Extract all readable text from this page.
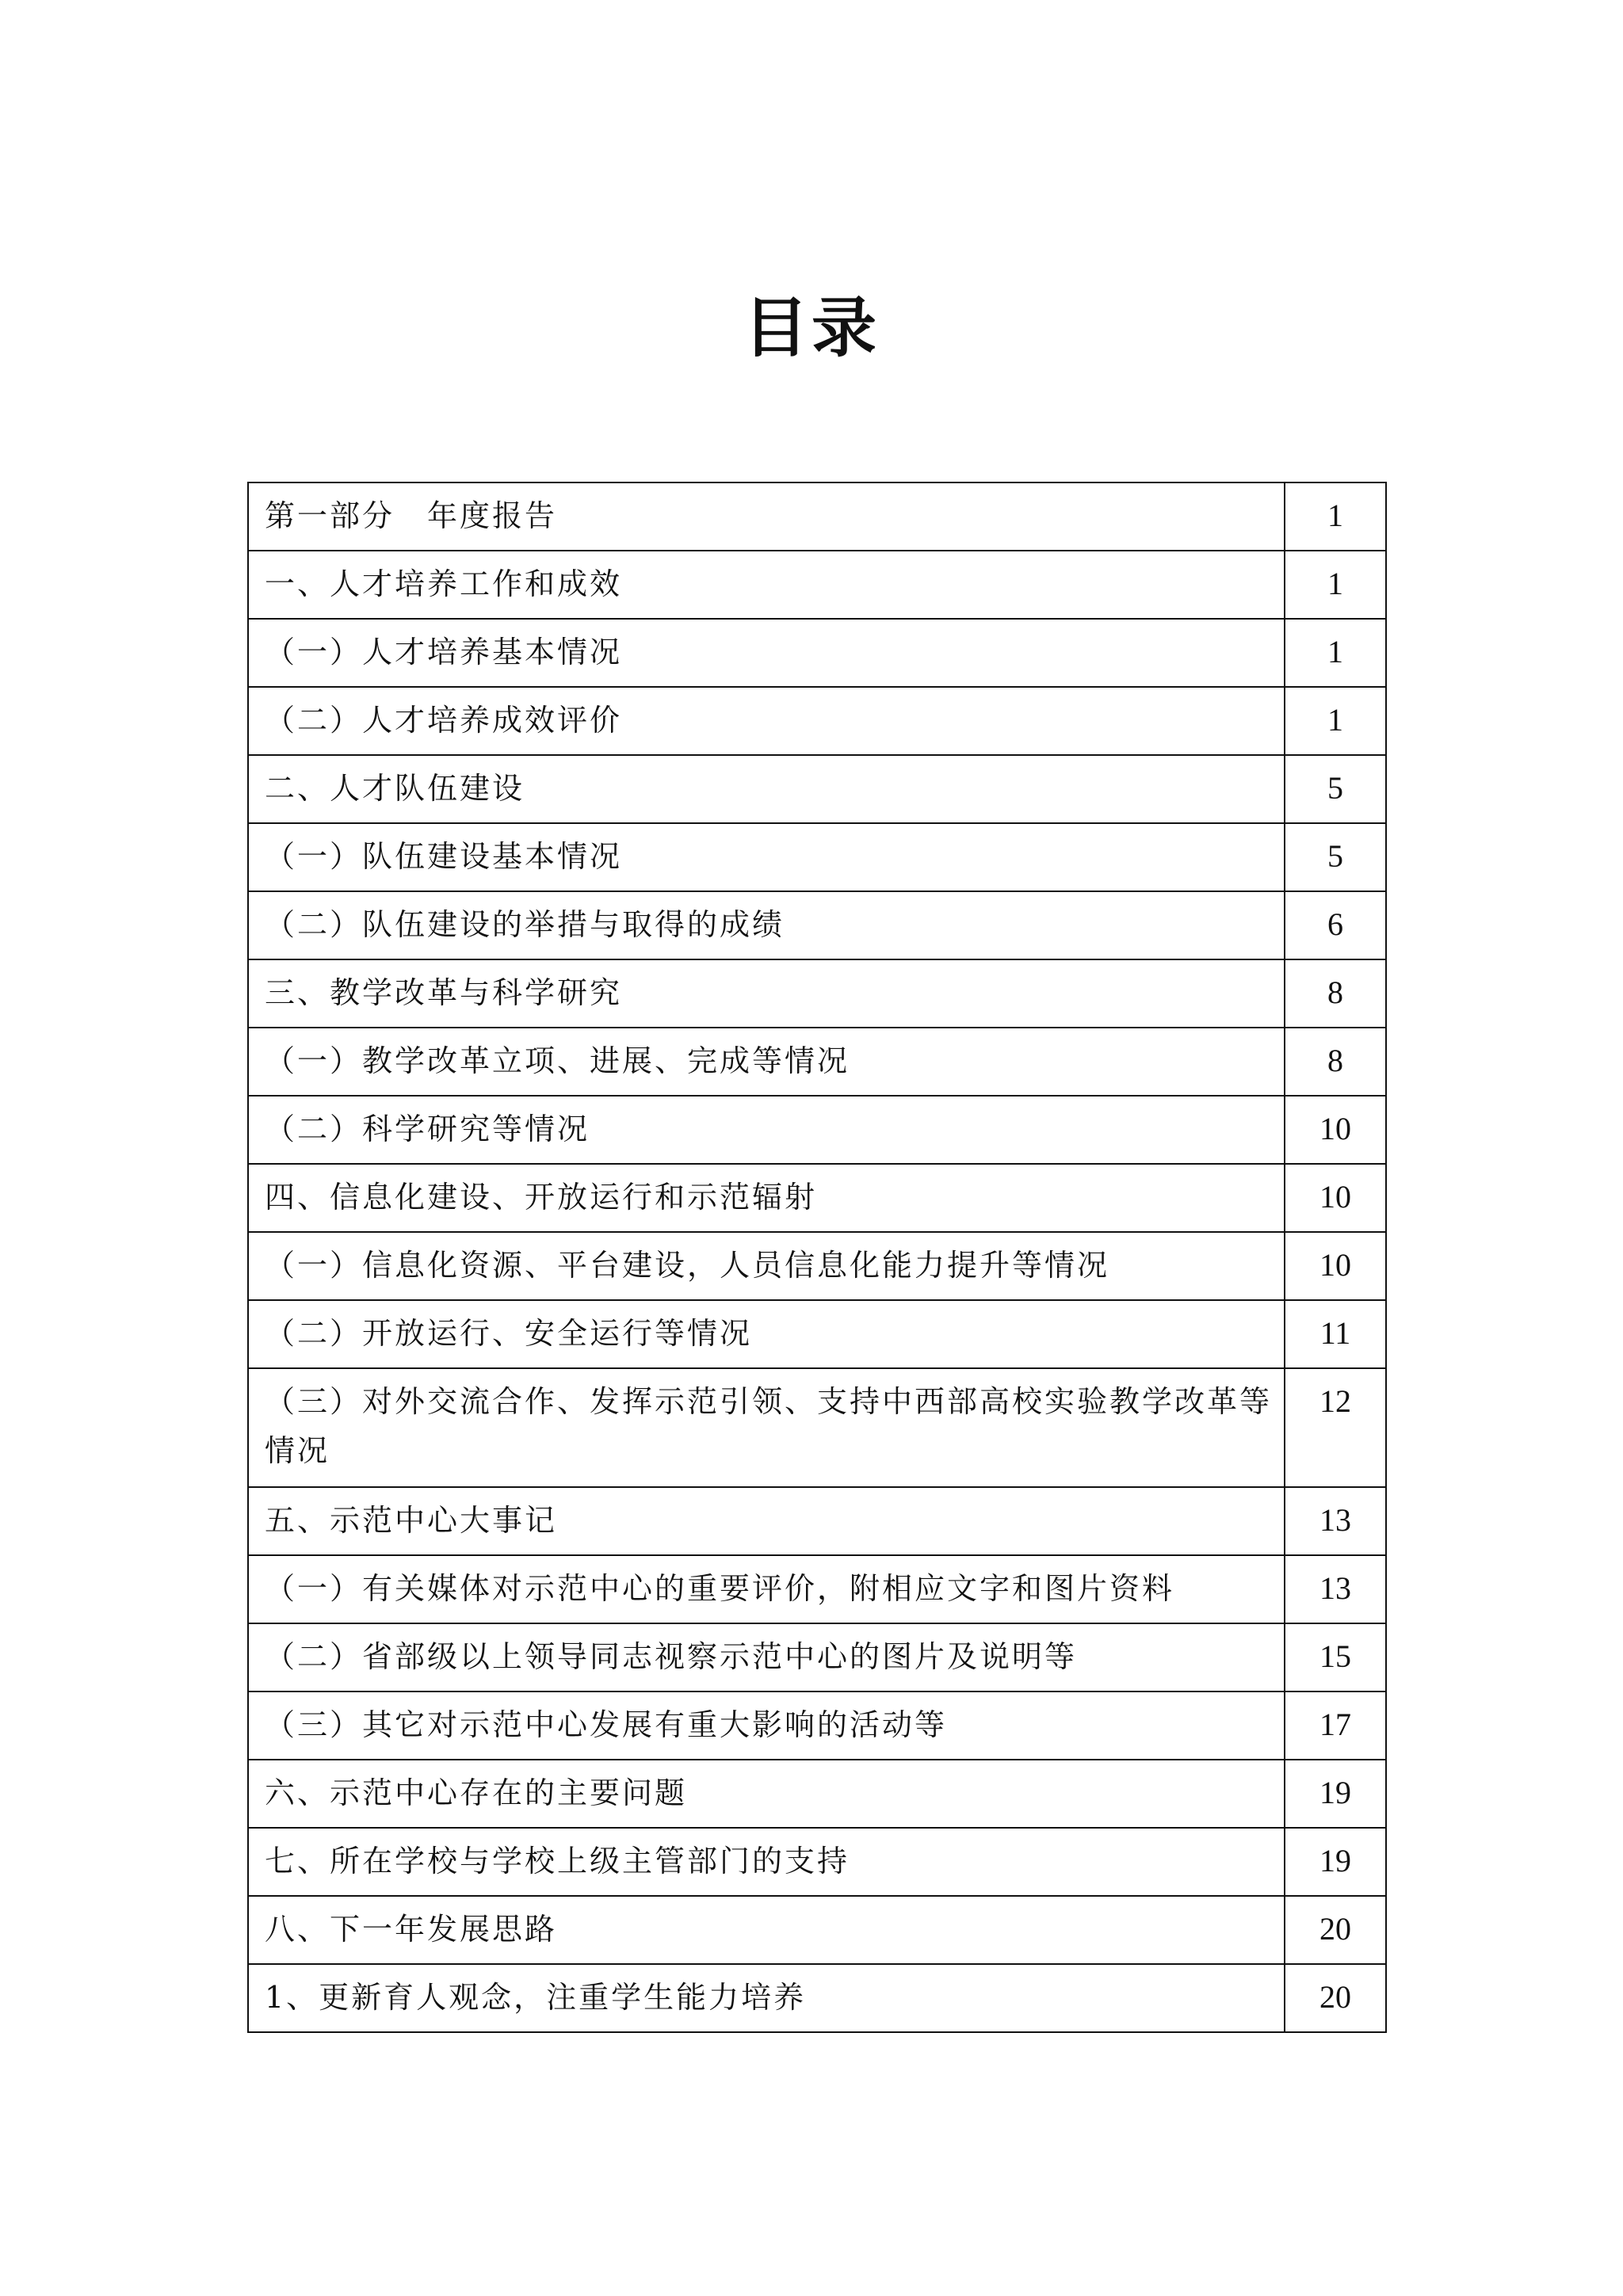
目录
第一部分　年度报告	1
一、人才培养工作和成效	1
（一）人才培养基本情况	1
（二）人才培养成效评价	1
二、人才队伍建设	5
（一）队伍建设基本情况	5
（二）队伍建设的举措与取得的成绩	6
三、教学改革与科学研究	8
（一）教学改革立项、进展、完成等情况	8
（二）科学研究等情况	10
四、信息化建设、开放运行和示范辐射	10
（一）信息化资源、平台建设，人员信息化能力提升等情况	10
（二）开放运行、安全运行等情况	11
（三）对外交流合作、发挥示范引领、支持中西部高校实验教学改革等情况	12
五、示范中心大事记	13
（一）有关媒体对示范中心的重要评价，附相应文字和图片资料	13
（二）省部级以上领导同志视察示范中心的图片及说明等	15
（三）其它对示范中心发展有重大影响的活动等	17
六、示范中心存在的主要问题	19
七、所在学校与学校上级主管部门的支持	19
八、下一年发展思路	20
1、更新育人观念，注重学生能力培养	20
